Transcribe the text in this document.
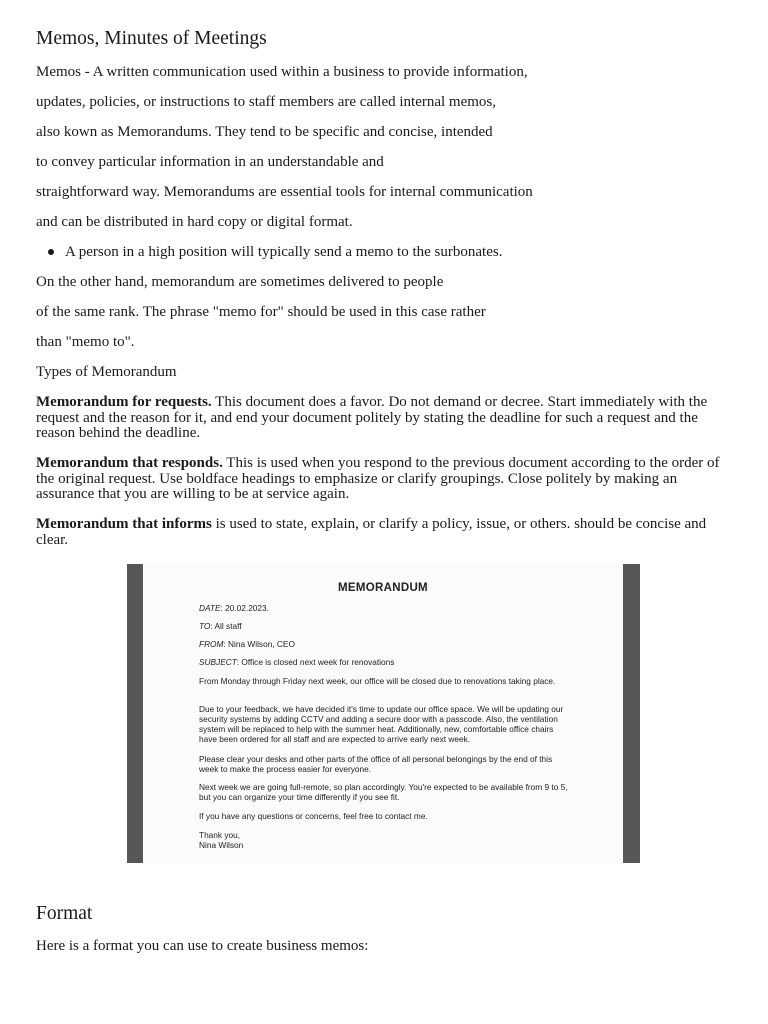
Memos, Minutes of Meetings

Memos - A written communication used within a business to provide information,

updates, policies, or instructions to staff members are called internal memos,

also kown as Memorandums. They tend to be specific and concise, intended

to convey particular information in an understandable and

straightforward way. Memorandums are essential tools for internal communication

and can be distributed in hard copy or digital format.

A person in a high position will typically send a memo to the surbonates.

On the other hand, memorandum are sometimes delivered to people

of the same rank. The phrase "memo for" should be used in this case rather

than "memo to".

Types of Memorandum

Memorandum for requests. This document does a favor. Do not demand or decree. Start immediately with the request and the reason for it, and end your document politely by stating the deadline for such a request and the reason behind the deadline.

Memorandum that responds. This is used when you respond to the previous document according to the order of the original request. Use boldface headings to emphasize or clarify groupings. Close politely by making an assurance that you are willing to be at service again.

Memorandum that informs is used to state, explain, or clarify a policy, issue, or others. should be concise and clear.

Format

Here is a format you can use to create business memos:

MEMORANDUM
DATE: 20.02.2023.
TO: All staff
FROM: Nina Wilson, CEO
SUBJECT: Office is closed next week for renovations
From Monday through Friday next week, our office will be closed due to renovations taking place.
Due to your feedback, we have decided it's time to update our office space. We will be updating our security systems by adding CCTV and adding a secure door with a passcode. Also, the ventilation system will be replaced to help with the summer heat. Additionally, new, comfortable office chairs have been ordered for all staff and are expected to arrive early next week.
Please clear your desks and other parts of the office of all personal belongings by the end of this week to make the process easier for everyone.
Next week we are going full-remote, so plan accordingly. You're expected to be available from 9 to 5, but you can organize your time differently if you see fit.
If you have any questions or concerns, feel free to contact me.
Thank you,
Nina Wilson
